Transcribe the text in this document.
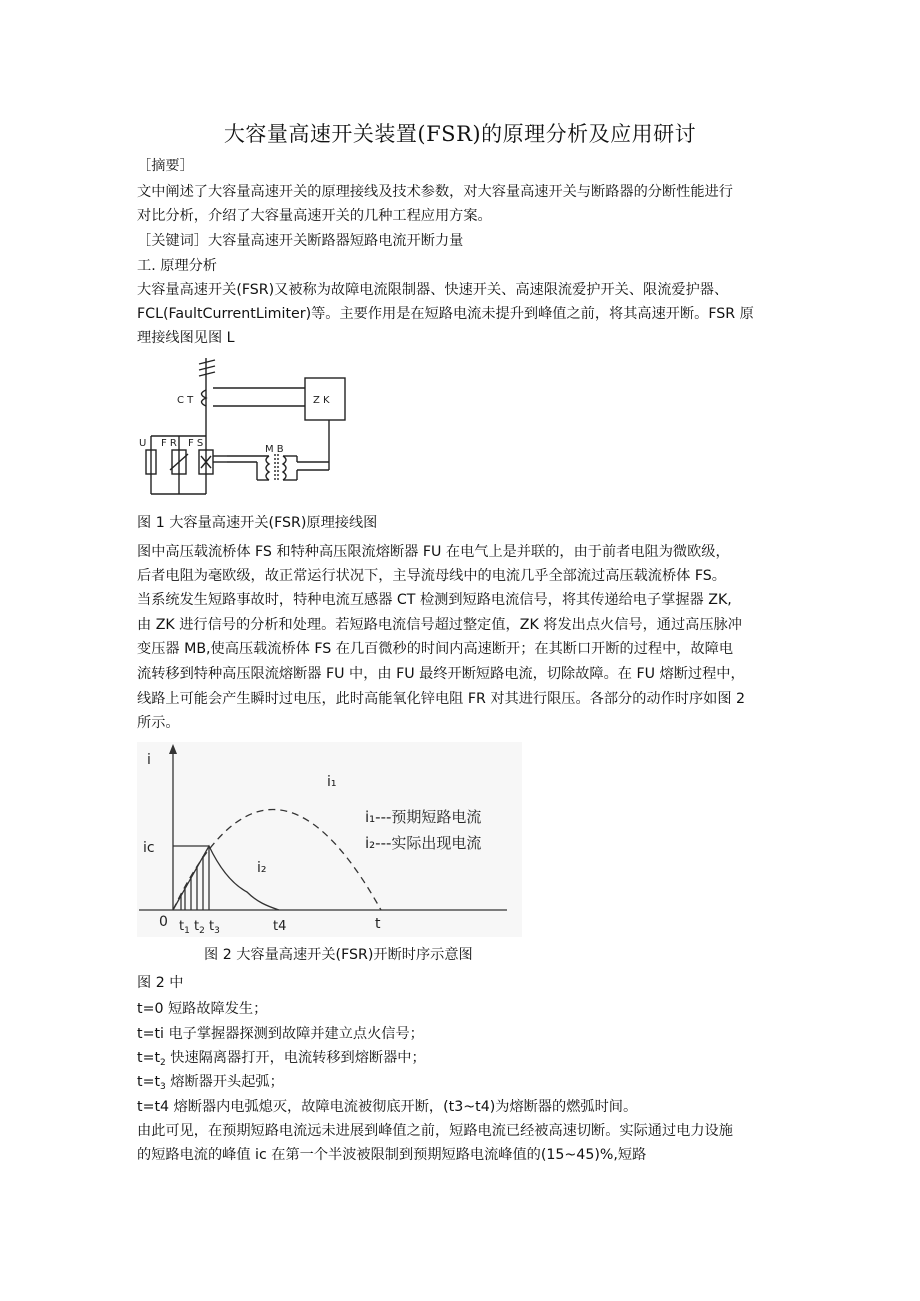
大容量高速开关装置(FSR)的原理分析及应用研讨
［摘要］
文中阐述了大容量高速开关的原理接线及技术参数，对大容量高速开关与断路器的分断性能进行
对比分析，介绍了大容量高速开关的几种工程应用方案。
［关键词］大容量高速开关断路器短路电流开断力量
工. 原理分析
大容量高速开关(FSR)又被称为故障电流限制器、快速开关、高速限流爱护开关、限流爱护器、
FCL(FaultCurrentLimiter)等。主要作用是在短路电流未提升到峰值之前，将其高速开断。FSR 原
理接线图见图 L
C T	Z K
U F R F S
M B
图 1 大容量高速开关(FSR)原理接线图
图中高压载流桥体 FS 和特种高压限流熔断器 FU 在电气上是并联的，由于前者电阻为微欧级，
后者电阻为毫欧级，故正常运行状况下，主导流母线中的电流几乎全部流过高压载流桥体 FS。
当系统发生短路事故时，特种电流互感器 CT 检测到短路电流信号，将其传递给电子掌握器 ZK,
由 ZK 进行信号的分析和处理。若短路电流信号超过整定值，ZK 将发出点火信号，通过高压脉冲
变压器 MB,使高压载流桥体 FS 在几百微秒的时间内高速断开；在其断口开断的过程中，故障电
流转移到特种高压限流熔断器 FU 中，由 FU 最终开断短路电流，切除故障。在 FU 熔断过程中，
线路上可能会产生瞬时过电压，此时高能氧化锌电阻 FR 对其进行限压。各部分的动作时序如图 2
所示。
i
ic
0 $t_1$ $t_2$ $t_3$	t4	t
i₁
i₂
i₁---预期短路电流
i₂---实际出现电流
图 2 大容量高速开关(FSR)开断时序示意图
图 2 中
t=0 短路故障发生；
t=ti 电子掌握器探测到故障并建立点火信号；
$t=t_2$ 快速隔离器打开，电流转移到熔断器中；
$t=t_3$ 熔断器开头起弧；
t=t4 熔断器内电弧熄灭，故障电流被彻底开断，(t3~t4)为熔断器的燃弧时间。
由此可见，在预期短路电流远未进展到峰值之前，短路电流已经被高速切断。实际通过电力设施
的短路电流的峰值 ic 在第一个半波被限制到预期短路电流峰值的(15~45)%,短路
